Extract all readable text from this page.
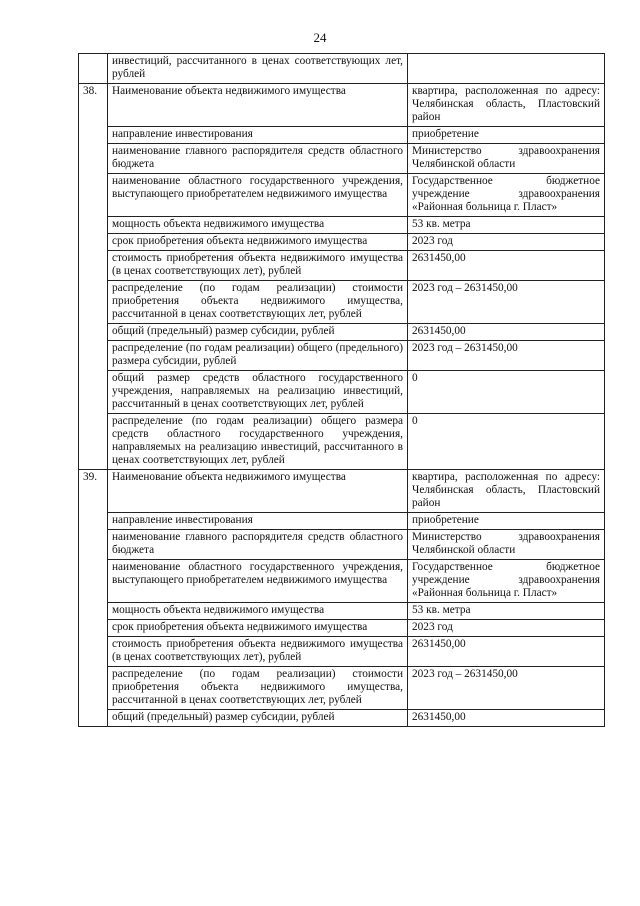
24
	инвестиций, рассчитанного в ценах соответствующих лет, рублей	
38.	Наименование объекта недвижимого имущества	квартира, расположенная по адресу: Челябинская область, Пластовский район
	направление инвестирования	приобретение
	наименование главного распорядителя средств областного бюджета	Министерство здравоохранения Челябинской области
	наименование областного государственного учреждения, выступающего приобретателем недвижимого имущества	Государственное бюджетное учреждение здравоохранения «Районная больница г. Пласт»
	мощность объекта недвижимого имущества	53 кв. метра
	срок приобретения объекта недвижимого имущества	2023 год
	стоимость приобретения объекта недвижимого имущества (в ценах соответствующих лет), рублей	2631450,00
	распределение (по годам реализации) стоимости приобретения объекта недвижимого имущества, рассчитанной в ценах соответствующих лет, рублей	2023 год – 2631450,00
	общий (предельный) размер субсидии, рублей	2631450,00
	распределение (по годам реализации) общего (предельного) размера субсидии, рублей	2023 год – 2631450,00
	общий размер средств областного государственного учреждения, направляемых на реализацию инвестиций, рассчитанный в ценах соответствующих лет, рублей	0
	распределение (по годам реализации) общего размера средств областного государственного учреждения, направляемых на реализацию инвестиций, рассчитанного в ценах соответствующих лет, рублей	0
39.	Наименование объекта недвижимого имущества	квартира, расположенная по адресу: Челябинская область, Пластовский район
	направление инвестирования	приобретение
	наименование главного распорядителя средств областного бюджета	Министерство здравоохранения Челябинской области
	наименование областного государственного учреждения, выступающего приобретателем недвижимого имущества	Государственное бюджетное учреждение здравоохранения «Районная больница г. Пласт»
	мощность объекта недвижимого имущества	53 кв. метра
	срок приобретения объекта недвижимого имущества	2023 год
	стоимость приобретения объекта недвижимого имущества (в ценах соответствующих лет), рублей	2631450,00
	распределение (по годам реализации) стоимости приобретения объекта недвижимого имущества, рассчитанной в ценах соответствующих лет, рублей	2023 год – 2631450,00
	общий (предельный) размер субсидии, рублей	2631450,00
